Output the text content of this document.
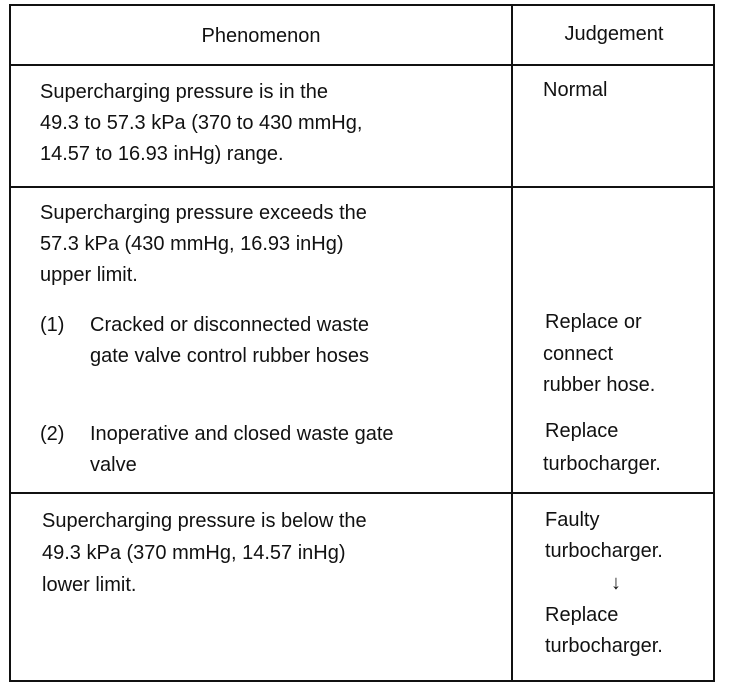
Phenomenon	Judgement
Supercharging pressure is in the
49.3 to 57.3 kPa (370 to 430 mmHg,
14.57 to 16.93 inHg) range.
Normal
Supercharging pressure exceeds the
57.3 kPa (430 mmHg, 16.93 inHg)
upper limit.
(1) Cracked or disconnected waste
gate valve control rubber hoses
Replace or
connect
rubber hose.
(2) Inoperative and closed waste gate
valve
Replace
turbocharger.
Supercharging pressure is below the
49.3 kPa (370 mmHg, 14.57 inHg)
lower limit.
Faulty
turbocharger.
↓
Replace
turbocharger.
